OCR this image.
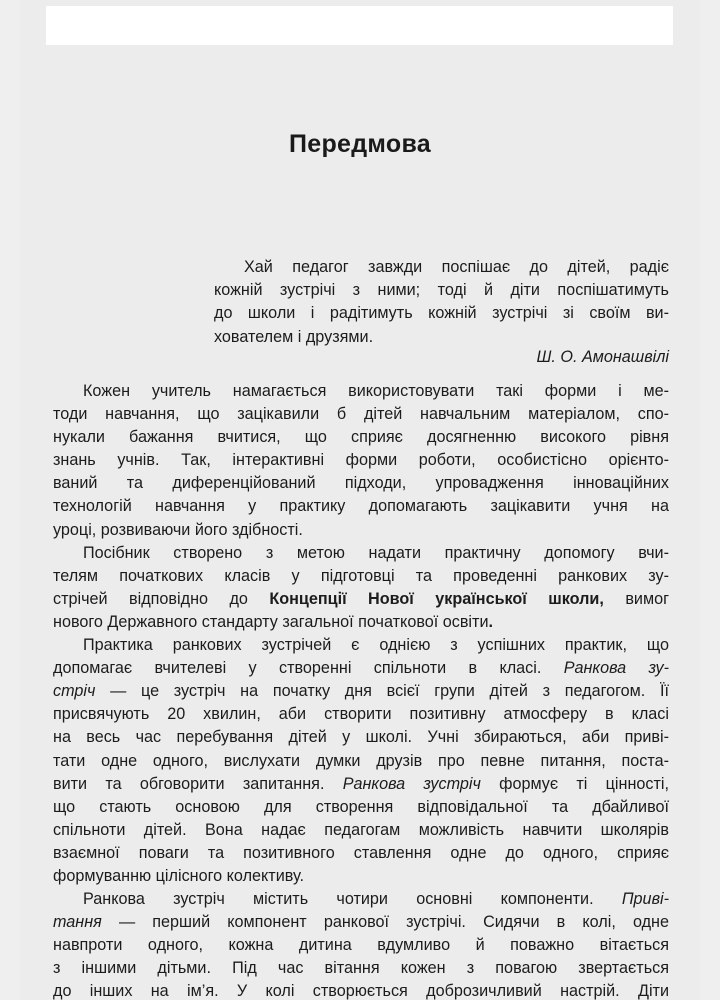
Передмова
Хай педагог завжди поспішає до дітей, радіє
кожній зустрічі з ними; тоді й діти поспішатимуть
до школи і радітимуть кожній зустрічі зі своїм ви-
хователем і друзями.
Ш. О. Амонашвілі
Кожен учитель намагається використовувати такі форми і ме-
тоди навчання, що зацікавили б дітей навчальним матеріалом, спо-
нукали бажання вчитися, що сприяє досягненню високого рівня
знань учнів. Так, інтерактивні форми роботи, особистісно орієнто-
ваний та диференційований підходи, упровадження інноваційних
технологій навчання у практику допомагають зацікавити учня на
уроці, розвиваючи його здібності.
Посібник створено з метою надати практичну допомогу вчи-
телям початкових класів у підготовці та проведенні ранкових зу-
стрічей відповідно до Концепції Нової української школи, вимог
нового Державного стандарту загальної початкової освіти.
Практика ранкових зустрічей є однією з успішних практик, що
допомагає вчителеві у створенні спільноти в класі. Ранкова зу-
стріч — це зустріч на початку дня всієї групи дітей з педагогом. Її
присвячують 20 хвилин, аби створити позитивну атмосферу в класі
на весь час перебування дітей у школі. Учні збираються, аби приві-
тати одне одного, вислухати думки друзів про певне питання, поста-
вити та обговорити запитання. Ранкова зустріч формує ті цінності,
що стають основою для створення відповідальної та дбайливої
спільноти дітей. Вона надає педагогам можливість навчити школярів
взаємної поваги та позитивного ставлення одне до одного, сприяє
формуванню цілісного колективу.
Ранкова зустріч містить чотири основні компоненти. Приві-
тання — перший компонент ранкової зустрічі. Сидячи в колі, одне
навпроти одного, кожна дитина вдумливо й поважно вітається
з іншими дітьми. Під час вітання кожен з повагою звертається
до інших на ім’я. У колі створюється доброзичливий настрій. Діти
